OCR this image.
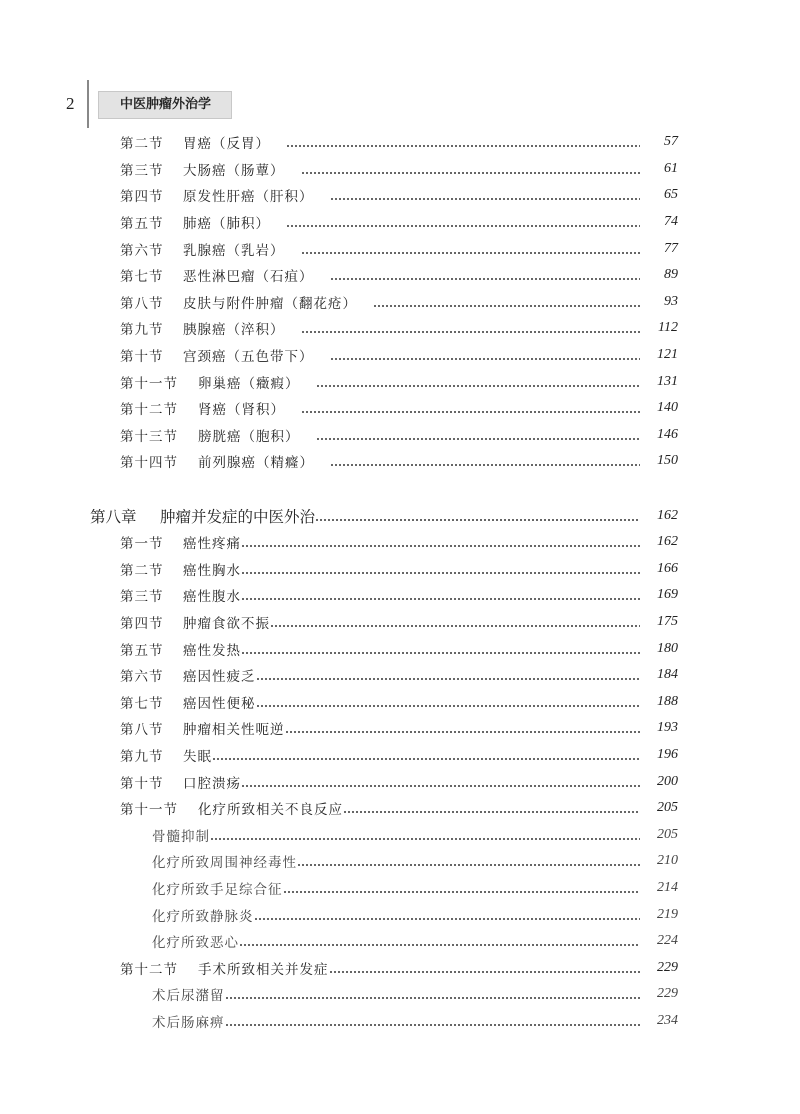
2	中医肿瘤外治学
第二节	胃癌（反胃）	57
第三节	大肠癌（肠蕈）	61
第四节	原发性肝癌（肝积）	65
第五节	肺癌（肺积）	74
第六节	乳腺癌（乳岩）	77
第七节	恶性淋巴瘤（石疽）	89
第八节	皮肤与附件肿瘤（翻花疮）	93
第九节	胰腺癌（淬积）	112
第十节	宫颈癌（五色带下）	121
第十一节	卵巢癌（癥瘕）	131
第十二节	肾癌（肾积）	140
第十三节	膀胱癌（胞积）	146
第十四节	前列腺癌（精癃）	150
第八章	肿瘤并发症的中医外治	162
第一节	癌性疼痛	162
第二节	癌性胸水	166
第三节	癌性腹水	169
第四节	肿瘤食欲不振	175
第五节	癌性发热	180
第六节	癌因性疲乏	184
第七节	癌因性便秘	188
第八节	肿瘤相关性呃逆	193
第九节	失眠	196
第十节	口腔溃疡	200
第十一节	化疗所致相关不良反应	205
骨髓抑制	205
化疗所致周围神经毒性	210
化疗所致手足综合征	214
化疗所致静脉炎	219
化疗所致恶心	224
第十二节	手术所致相关并发症	229
术后尿潴留	229
术后肠麻痹	234
